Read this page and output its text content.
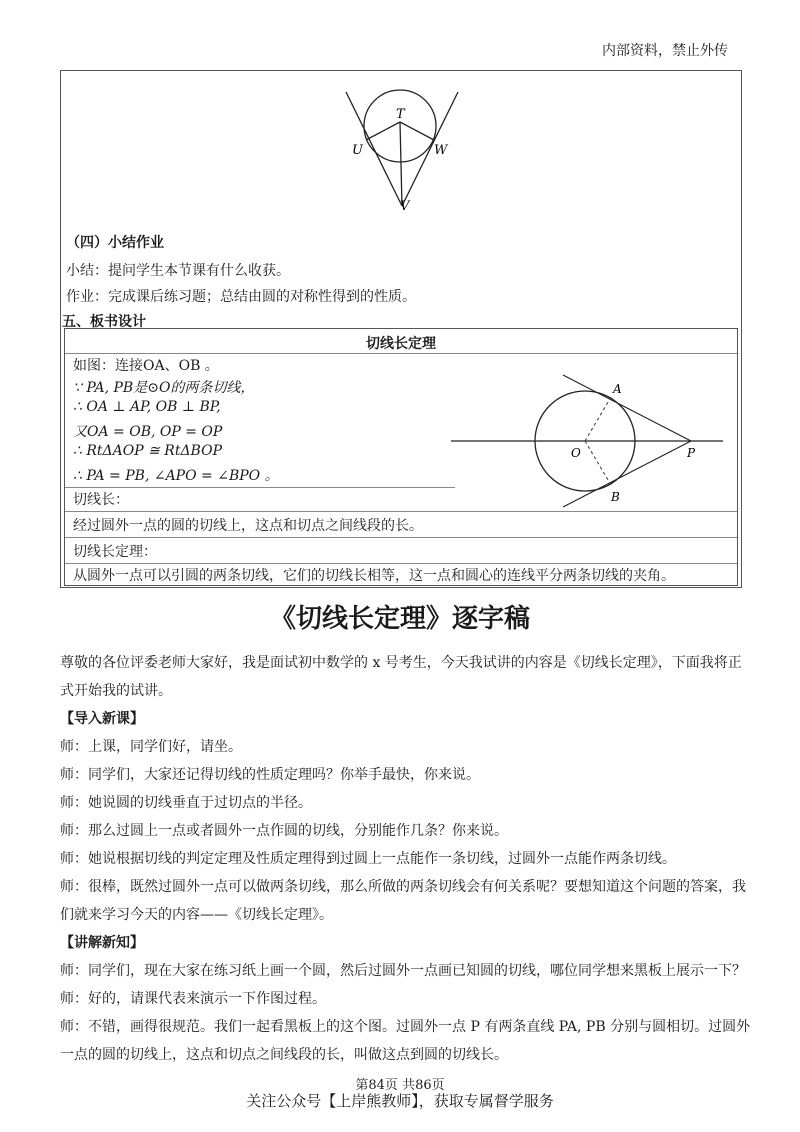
内部资料，禁止外传
T
U	W
V
（四）小结作业
小结：提问学生本节课有什么收获。
作业：完成课后练习题；总结由圆的对称性得到的性质。
五、板书设计
切线长定理
如图：连接OA、OB 。
∵ PA, PB是⊙O的两条切线，
∴ OA ⊥ AP, OB ⊥ BP,
又OA = OB, OP = OP
∴ RtΔAOP ≅ RtΔBOP
∴ PA = PB, ∠APO = ∠BPO 。
切线长：
经过圆外一点的圆的切线上，这点和切点之间线段的长。
切线长定理：
从圆外一点可以引圆的两条切线，它们的切线长相等，这一点和圆心的连线平分两条切线的夹角。
A
O	P
B
《切线长定理》逐字稿
尊敬的各位评委老师大家好，我是面试初中数学的 x 号考生，今天我试讲的内容是《切线长定理》，下面我将正
式开始我的试讲。
【导入新课】
师：上课，同学们好，请坐。
师：同学们，大家还记得切线的性质定理吗？你举手最快，你来说。
师：她说圆的切线垂直于过切点的半径。
师：那么过圆上一点或者圆外一点作圆的切线，分别能作几条？你来说。
师：她说根据切线的判定定理及性质定理得到过圆上一点能作一条切线，过圆外一点能作两条切线。
师：很棒，既然过圆外一点可以做两条切线，那么所做的两条切线会有何关系呢？要想知道这个问题的答案，我
们就来学习今天的内容——《切线长定理》。
【讲解新知】
师：同学们，现在大家在练习纸上画一个圆，然后过圆外一点画已知圆的切线，哪位同学想来黑板上展示一下？
师：好的，请课代表来演示一下作图过程。
师：不错，画得很规范。我们一起看黑板上的这个图。过圆外一点 P 有两条直线 PA, PB 分别与圆相切。过圆外
一点的圆的切线上，这点和切点之间线段的长，叫做这点到圆的切线长。
第84页 共86页
关注公众号【上岸熊教师】，获取专属督学服务
